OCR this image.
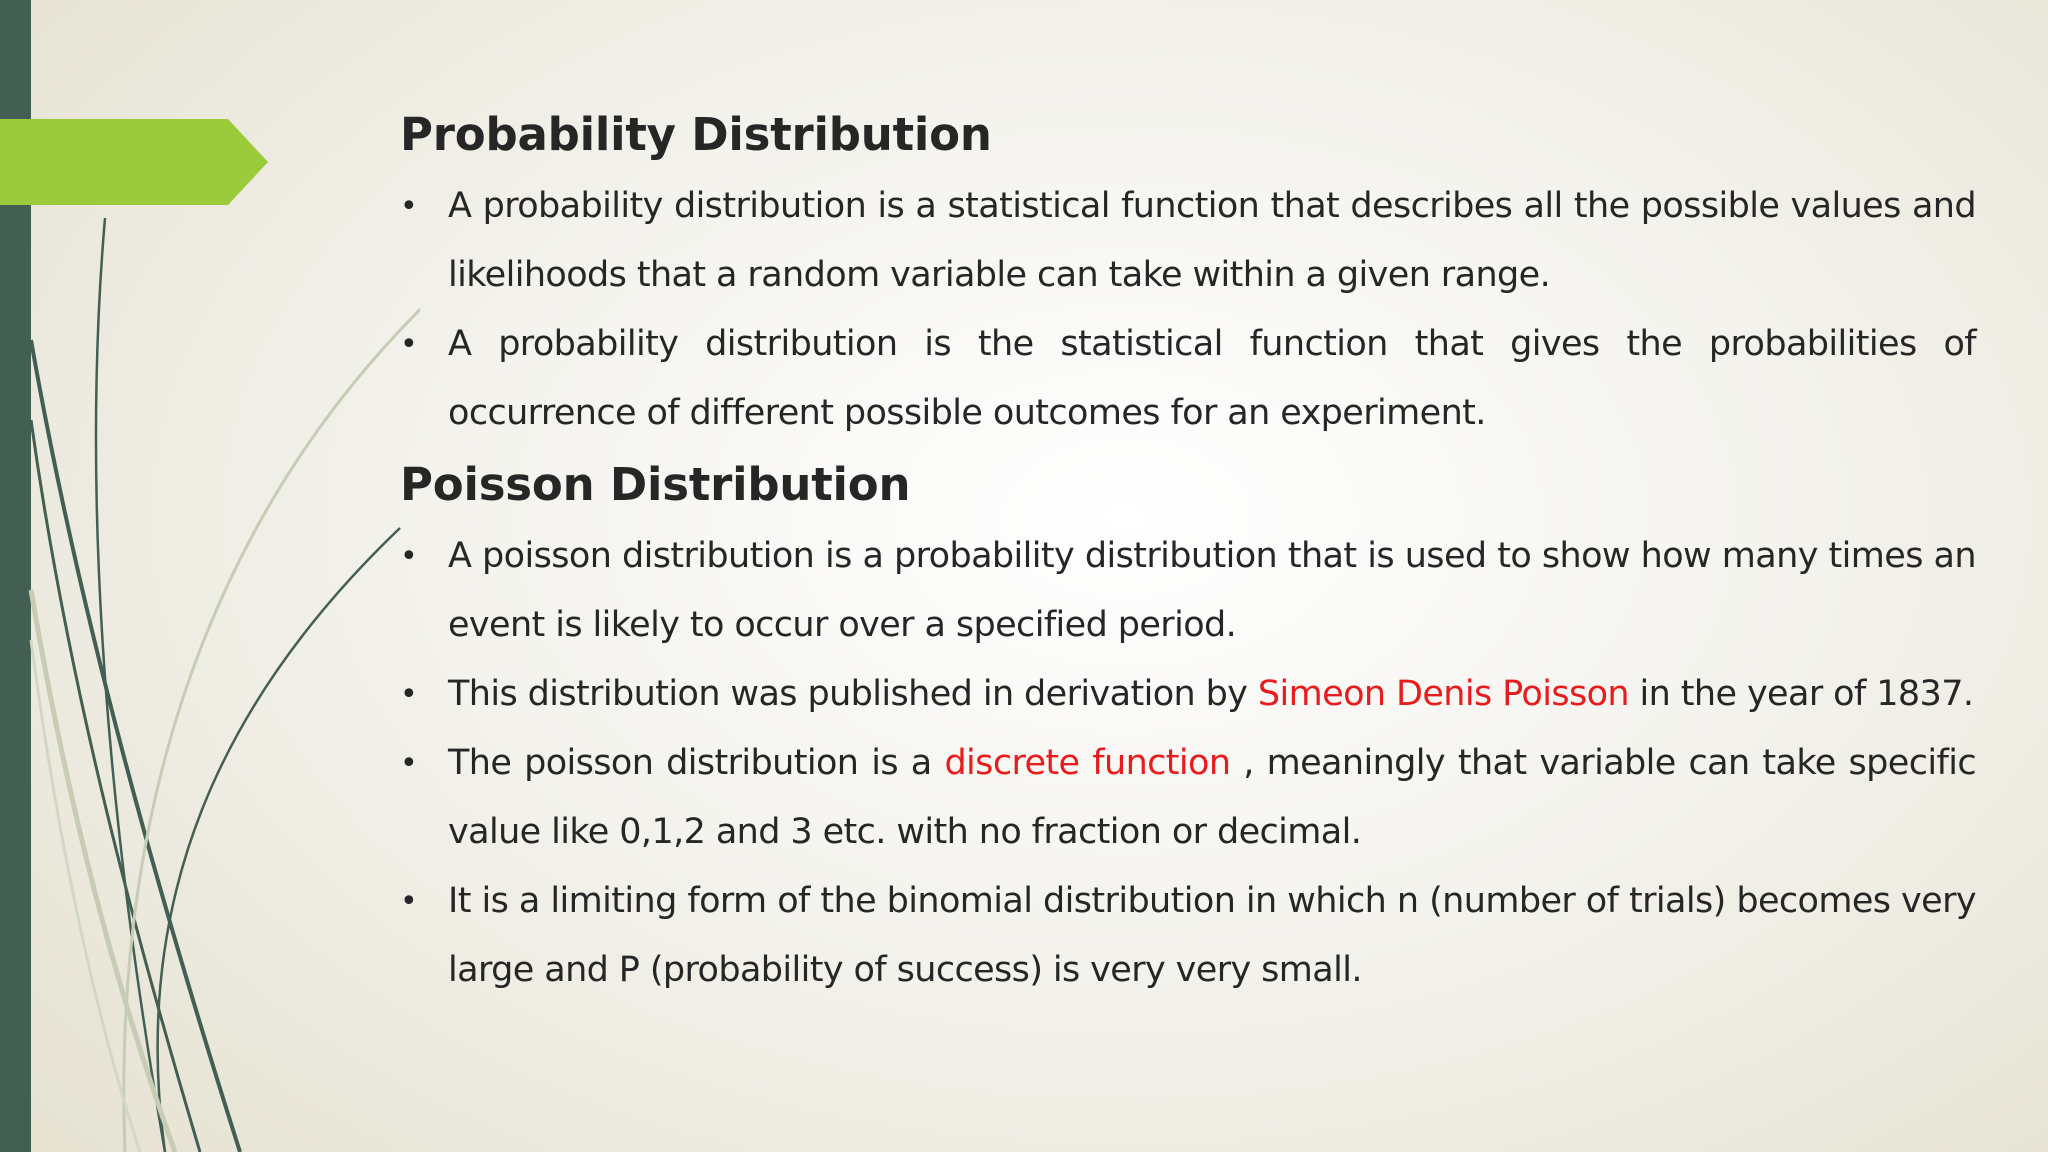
Probability Distribution
• A probability distribution is a statistical function that describes all the possible values and likelihoods that a random variable can take within a given range.
• A probability distribution is the statistical function that gives the probabilities of occurrence of different possible outcomes for an experiment.
Poisson Distribution
• A poisson distribution is a probability distribution that is used to show how many times an event is likely to occur over a specified period.
• This distribution was published in derivation by Simeon Denis Poisson in the year of 1837.
• The poisson distribution is a discrete function , meaningly that variable can take specific value like 0,1,2 and 3 etc. with no fraction or decimal.
• It is a limiting form of the binomial distribution in which n (number of trials) becomes very large and P (probability of success) is very very small.
